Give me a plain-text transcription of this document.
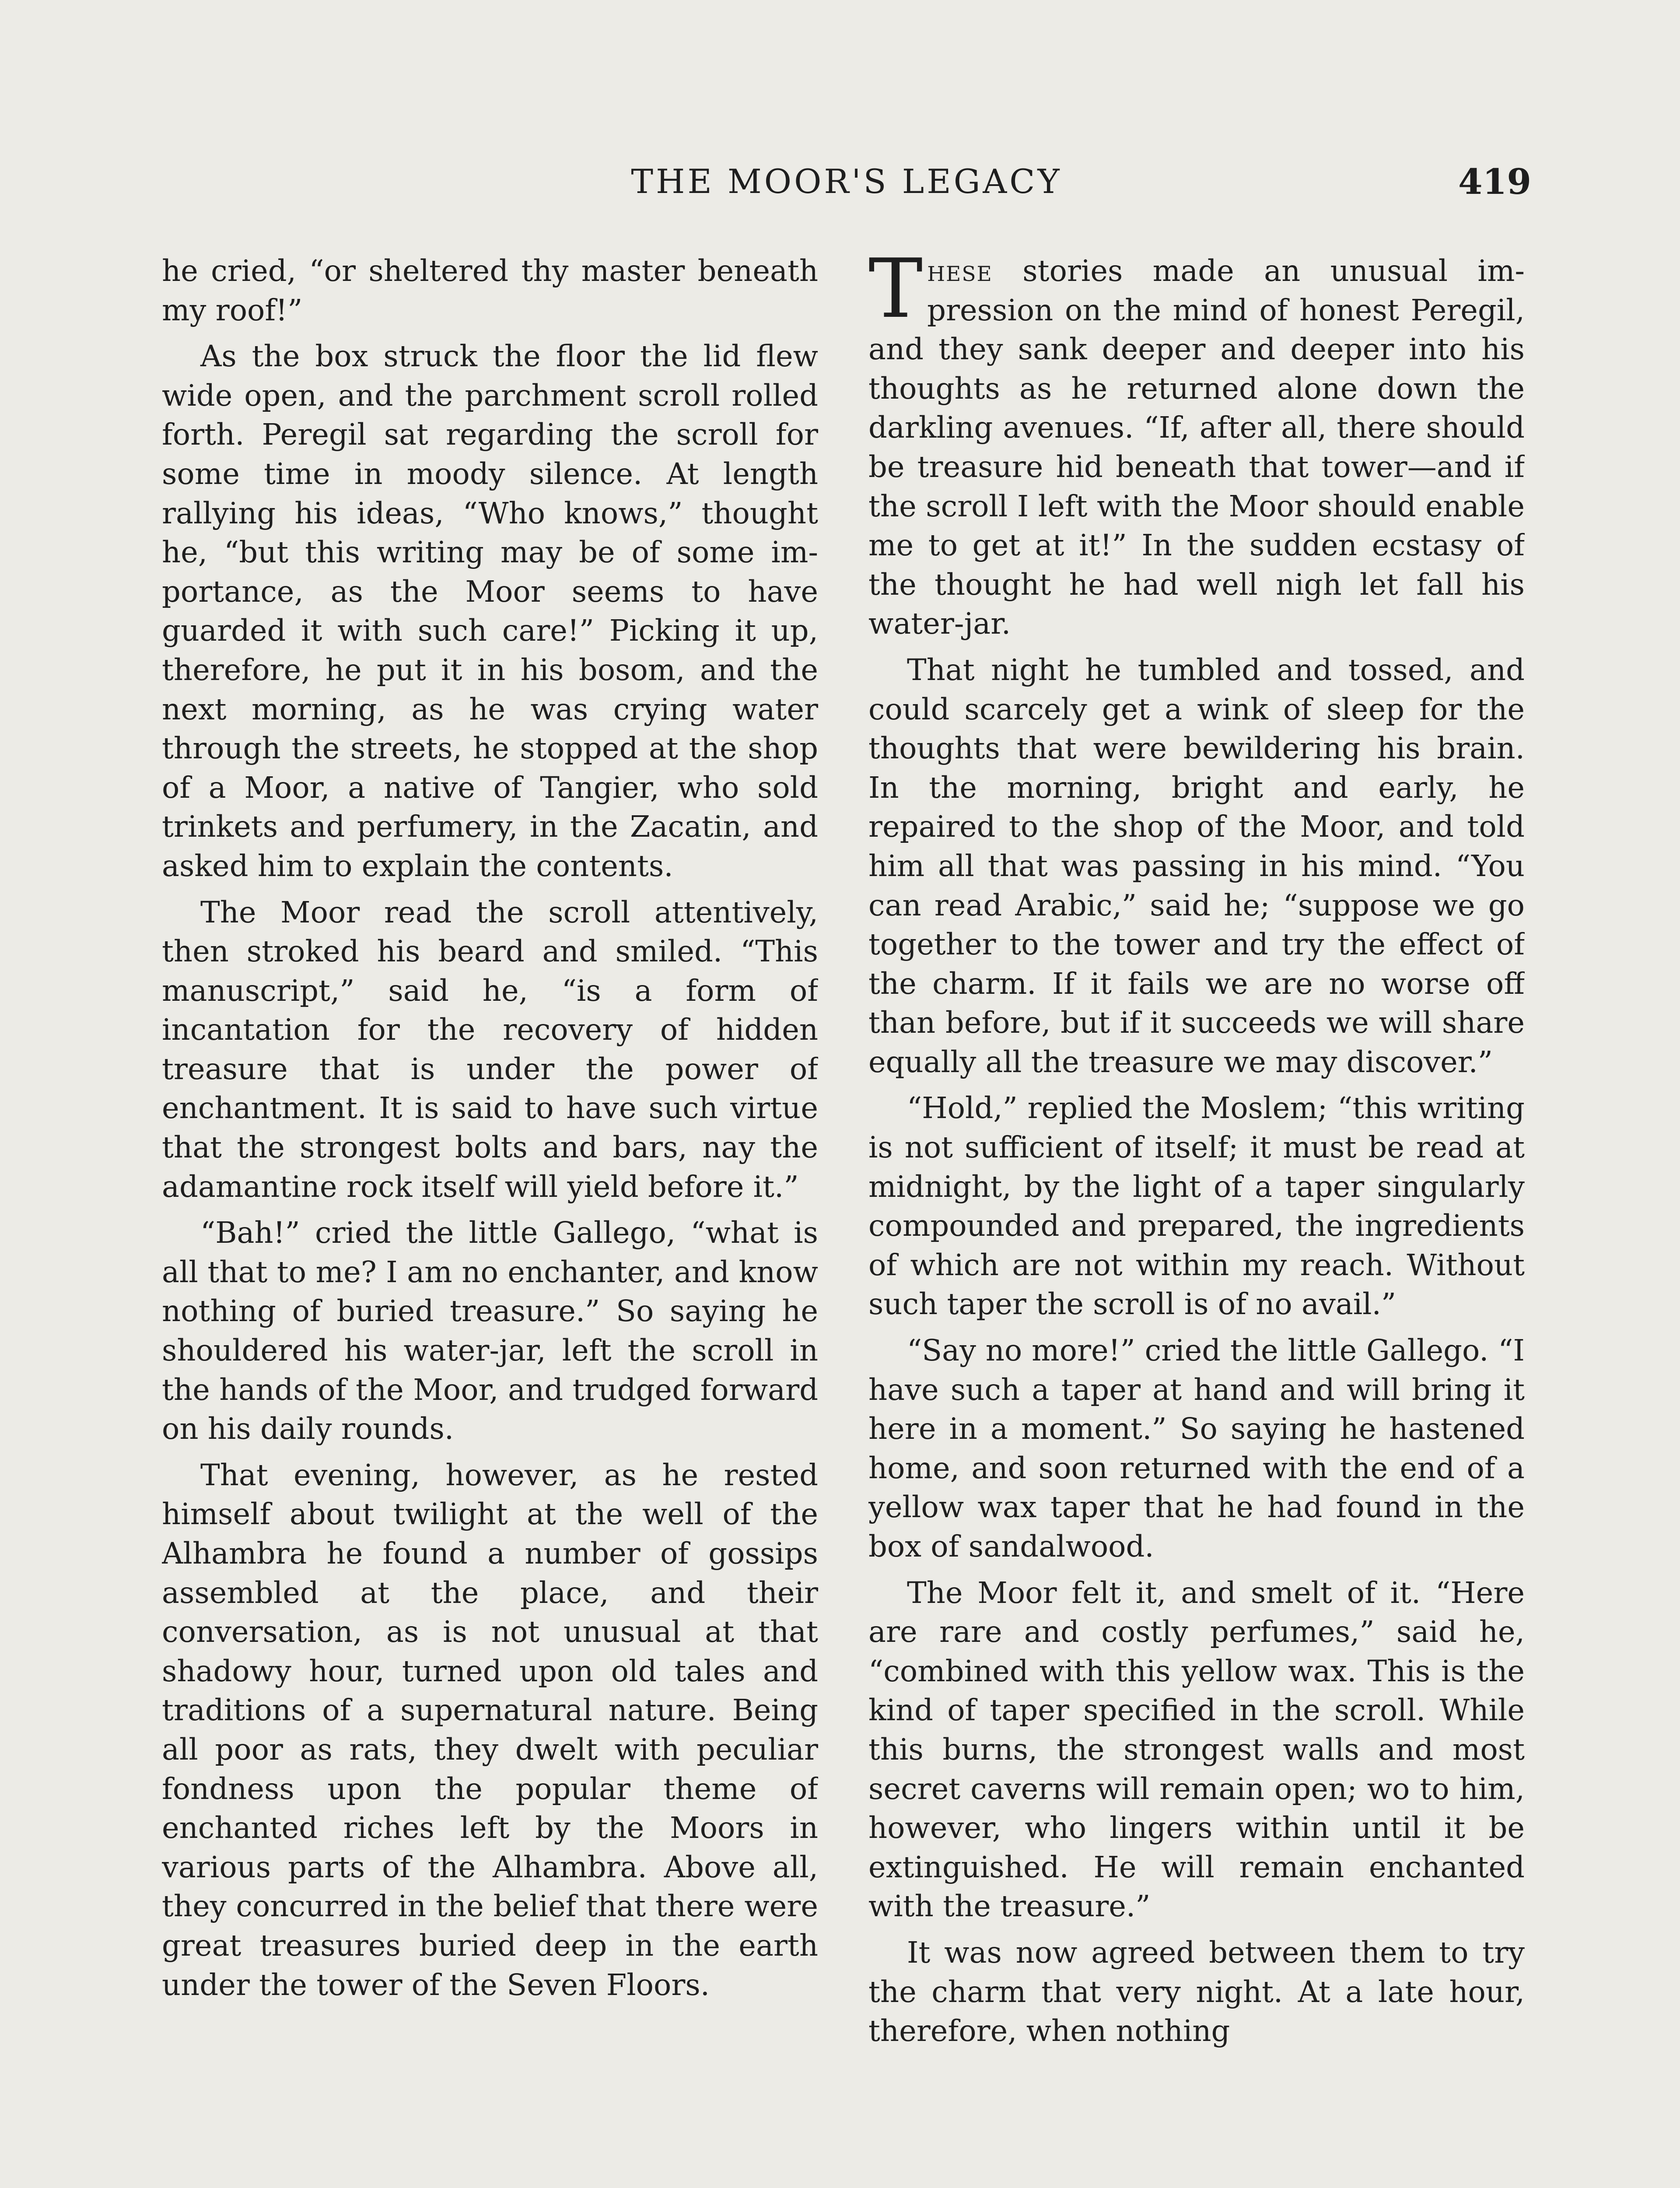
THE MOOR'S LEGACY	419

he cried, “or sheltered thy master beneath my roof!”

As the box struck the floor the lid flew wide open, and the parchment scroll rolled forth. Peregil sat regarding the scroll for some time in moody silence. At length rallying his ideas, “Who knows,” thought he, “but this writing may be of some importance, as the Moor seems to have guarded it with such care!” Picking it up, therefore, he put it in his bosom, and the next morning, as he was crying water through the streets, he stopped at the shop of a Moor, a native of Tangier, who sold trinkets and perfumery, in the Zacatin, and asked him to explain the contents.

The Moor read the scroll attentively, then stroked his beard and smiled. “This manuscript,” said he, “is a form of incantation for the recovery of hidden treasure that is under the power of enchantment. It is said to have such virtue that the strongest bolts and bars, nay the adamantine rock itself will yield before it.”

“Bah!” cried the little Gallego, “what is all that to me? I am no enchanter, and know nothing of buried treasure.” So saying he shouldered his water-jar, left the scroll in the hands of the Moor, and trudged forward on his daily rounds.

That evening, however, as he rested himself about twilight at the well of the Alhambra he found a number of gossips assembled at the place, and their conversation, as is not unusual at that shadowy hour, turned upon old tales and traditions of a supernatural nature. Being all poor as rats, they dwelt with peculiar fondness upon the popular theme of enchanted riches left by the Moors in various parts of the Alhambra. Above all, they concurred in the belief that there were great treasures buried deep in the earth under the tower of the Seven Floors.

These stories made an unusual impression on the mind of honest Peregil, and they sank deeper and deeper into his thoughts as he returned alone down the darkling avenues. “If, after all, there should be treasure hid beneath that tower—and if the scroll I left with the Moor should enable me to get at it!” In the sudden ecstasy of the thought he had well nigh let fall his water-jar.

That night he tumbled and tossed, and could scarcely get a wink of sleep for the thoughts that were bewildering his brain. In the morning, bright and early, he repaired to the shop of the Moor, and told him all that was passing in his mind. “You can read Arabic,” said he; “suppose we go together to the tower and try the effect of the charm. If it fails we are no worse off than before, but if it succeeds we will share equally all the treasure we may discover.”

“Hold,” replied the Moslem; “this writing is not sufficient of itself; it must be read at midnight, by the light of a taper singularly compounded and prepared, the ingredients of which are not within my reach. Without such taper the scroll is of no avail.”

“Say no more!” cried the little Gallego. “I have such a taper at hand and will bring it here in a moment.” So saying he hastened home, and soon returned with the end of a yellow wax taper that he had found in the box of sandalwood.

The Moor felt it, and smelt of it. “Here are rare and costly perfumes,” said he, “combined with this yellow wax. This is the kind of taper specified in the scroll. While this burns, the strongest walls and most secret caverns will remain open; wo to him, however, who lingers within until it be extinguished. He will remain enchanted with the treasure.”

It was now agreed between them to try the charm that very night. At a late hour, therefore, when nothing
